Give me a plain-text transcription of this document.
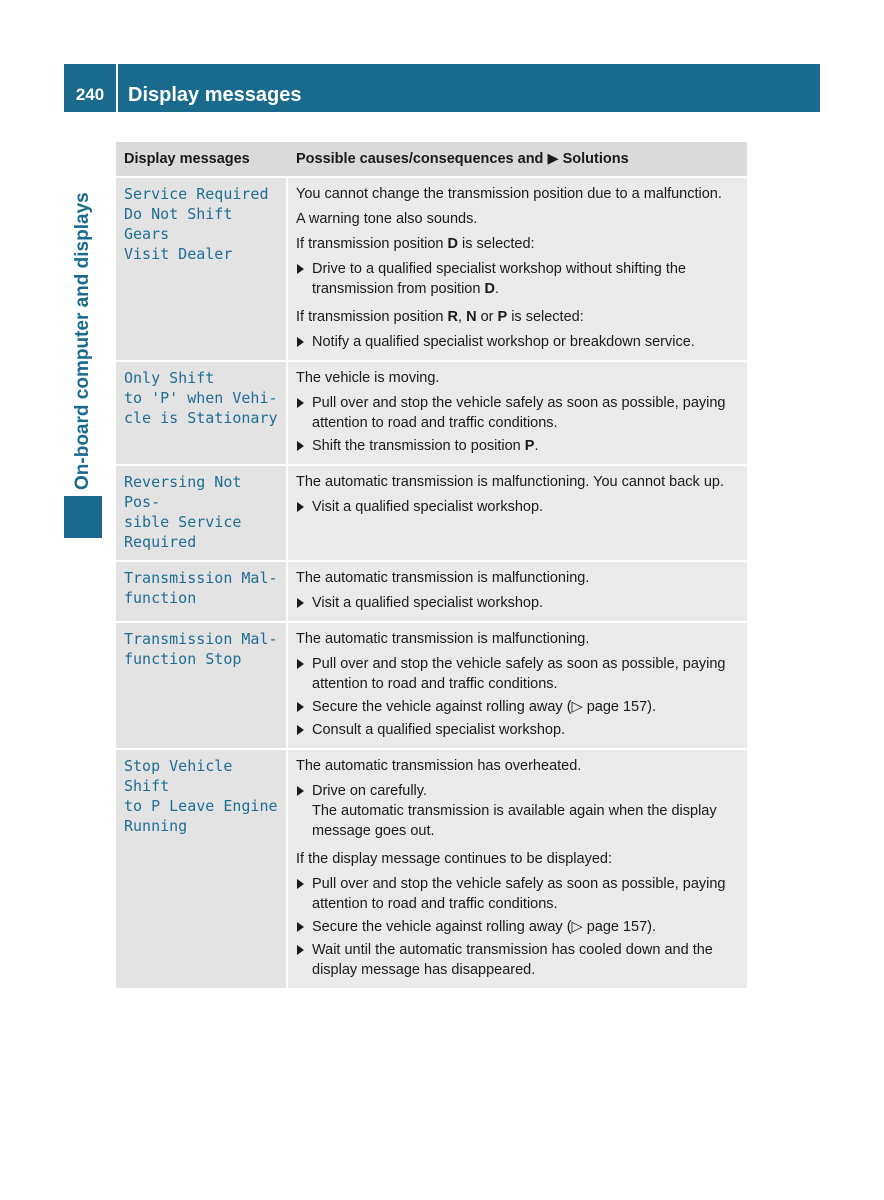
240	Display messages
On-board computer and displays
Display messages	Possible causes/consequences and ▶ Solutions
Service Required
Do Not Shift Gears
Visit Dealer

You cannot change the transmission position due to a malfunction.

A warning tone also sounds.

If transmission position D is selected:

Drive to a qualified specialist workshop without shifting the transmission from position D.

If transmission position R, N or P is selected:

Notify a qualified specialist workshop or breakdown service.
Only Shift
to 'P' when Vehi-
cle is Stationary

The vehicle is moving.

Pull over and stop the vehicle safely as soon as possible, paying attention to road and traffic conditions.
Shift the transmission to position P.
Reversing Not Pos-
sible Service
Required

The automatic transmission is malfunctioning. You cannot back up.

Visit a qualified specialist workshop.
Transmission Mal-
function

The automatic transmission is malfunctioning.

Visit a qualified specialist workshop.
Transmission Mal-
function Stop

The automatic transmission is malfunctioning.

Pull over and stop the vehicle safely as soon as possible, paying attention to road and traffic conditions.
Secure the vehicle against rolling away (▷ page 157).
Consult a qualified specialist workshop.
Stop Vehicle Shift
to P Leave Engine
Running

The automatic transmission has overheated.

Drive on carefully.
The automatic transmission is available again when the display message goes out.

If the display message continues to be displayed:

Pull over and stop the vehicle safely as soon as possible, paying attention to road and traffic conditions.
Secure the vehicle against rolling away (▷ page 157).
Wait until the automatic transmission has cooled down and the display message has disappeared.
